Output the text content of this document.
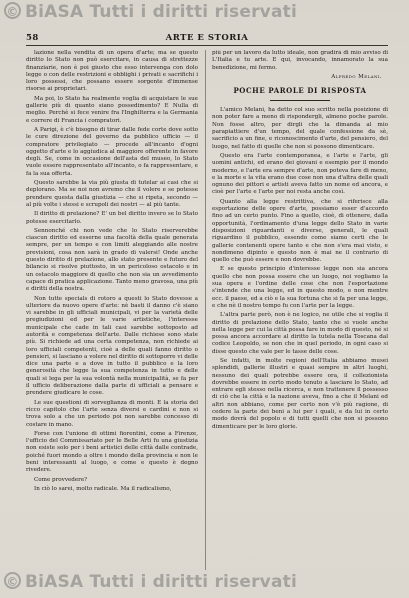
© BiASA Tutti i diritti riservati
58	ARTE E STORIA

lazione nella vendita di un opera d'arte; ma se questo diritto lo Stato non può esercitare, in causa di strettezze finanziarie, non è poi giusto che esso intervenga con dolo legge o con delle restrizioni e obblighi i privati e sacrifichi i loro possessi, che possano essere sorgente d'immense risorse ai proprietari.

Ma poi, lo Stato ha realmente voglia di acquistare le sue gallerie più di quanto siano possedimento? E Nulla di meglio. Perchè si fece venire fra l'Inghilterra e la Germania e correre di Francia i compratori.

A Parigi, è c'è bisogno di tirar dalle fede corte dove sotto le cure direzione del governo da pubblico ufficio — il compratore privilegiato — procede all'incanto d'ogni oggetto d'arte e lo aggiudica al maggiore offerente in favore degli. Se, come in occasione dell'asta del museo, lo Stato vuole essere rappresentato all'incanto, o fa rappresentare, e fa la sua offerta.

Questo sarebbe la via più giusta di tutelar ai casi che si deplorano. Ma se noi non avremo che il volere e se potesse prendere questa dalla giustizia — che si ripeta, secondo — al più volte i stessi e scrupoli dei nostri — al più tante.

Il diritto di prelazione? E' un bel diritto invero se lo Stato potesse esercitarlo.

Sennonché chi non vede che lo Stato riserverebbe ciascun diritto ed esserne una facoltà della quale generata sempre, per un tempo e con limiti aleggiando alle nostre previsioni, cosa non sarà in grado di valersi! Onde anche questo diritto di prelazione, allo stato presente e futuro del bilancio si risolve piuttosto, in un pericoloso ostacolo e in un ostacolo maggiore di quello che non sia un avvedimento capace di pratica applicazione. Tanto meno gravosa, una più e diritti della nostra.

Non tutte specials di rotoro a questi lo Stato dovesse a ulteriore da nuovo opere d'arte: nè basti il danno c'è siano vi sarebbe in gli ufficiali municipali, vi per la varietà delle pregiudizioni ed per le varie artistiche, l'interesse municipale che cade in tali casi sarebbe sottoposto ad autorità e competenza dell'arte. Dalle richiese sono state più. Si richiede ad una certa competenza, non richiede ai loro ufficiali competenti, cioè a delle quali fanno diritto o pensieri, si lasciano a volere nel diritto di sottoporre vi delle dice una parte e a dove in tutto il pubblico e la loro generosità che legge la sua competenza in tutto e delle quali si lega per la sua volontà nella municipalità, se fa per il ufficio deliberazione dalla parte di ufficiali a pensare e prendere giudicare le cose.

Le sue questioni di sorveglianza di monti. E la storia del ricco capitolo che l'arte senza diversi e cardini e non si trova solo a che un periodo poi non sarebbe concesso di costare in mano.

Forse con l'unione di ottimi fiorentini, come a Firenze, l'ufficio del Commissariato per le Belle Arti fu una giustizia non esiste solo per i beni artistici delle città dalle contrade, poiché fuori mondo a oltre i mondo della provincia e non le beni interessanti al luogo, e come e questo è degno rivedere.

Come provvedere?

In ciò lo sarei, molto radicale. Ma il radicalismo,

più per un lavoro da lutto ideale, non gradirà di mio avviso di L'Italia e tu arte. E qui, invocando, innamorato la sua benedizione, mi fermo.

Alfredo Melani.

POCHE PAROLE DI RISPOSTA

L'amico Melani, ha detto col suo scritto nella posizione di non poter fare a meno di rispondergli, almeno poche parole. Non fosse altro, per dirgli che la dimanda al mio parapiattiere d'un tempo, del quale confessione da sè, sacrificio a un fine, e riconoscimento d'arte, del pensiero, del luogo, nel fatto di quelle che non si possono dimenticare.

Questo era l'arte contemporanea, e l'arte e l'arte, gli uomini antichi, ed erano dei giovani e esempio per il mondo moderno, e l'arte era sempre d'arte, non poteva fare di meno, e la morte e la vita erano due cose non una d'altra delle quali ognuno dei pittori e artisti aveva fatto un nome ed ancora, e cioè per l'arte e l'arte per noi resta anche così.

Quanto alla legge restrittiva, che si riferisce alla esportazione delle opere d'arte, possiamo esser d'accordo fino ad un certo punto. Fino a quello, cioè, di ottenere, dalla opportunità, l'ordinamento d'una legge dello Stato in varie disposizioni riguardanti e diverse, generali, le quali riguardino il pubblico, essendo come siamo certi che le gallerie contenenti opere tanto e che non s'era mai visto, e nondimeno dipinto e questo non è mai ne il contrario di quello che può essere e non dovrebbe.

E se questo principio d'interesse legge non sia ancora quello che non possa essere che un luogo, noi vogliamo la sua opera e l'ordine delle cose che non l'esportazione s'intende che una legge, ed in questo modo, e non mentre ecc. il paese, ed a ciò e la sua fortuna che si fa per una legge, e che nè il nostro tempo fu con l'arte per la legge.

L'altra parte però, non è ne logico, ne utile che si voglia il diritto di prelazione dello Stato, tanto che si vuole anche nella legge per cui la città possa fare in modo di questo, né si possa ancora accordare al diritto la tutela nella Toscana dal codice Leopoldo, se non che in quel periodo, in ogni caso si disse questo che vale per le tasse delle cose.

Se infatti, in molte regioni dell'Italia abbiamo musei splendidi, gallerie illustri e quasi sempre in altri luoghi, nessuno dei quali potrebbe essere ora, il collezionista dovrebbe essere in certo modo tenuto a lasciare lo Stato, ad entrare egli stesso nella ricerca, e non trattenere il possesso di ciò che la città e la nazione aveva, fino a che il Melani ed altri non abbiano, come per certo non v'è più ragione, di cedere la parte dei beni a lui per i quali, e da lui in certo modo dovrà del popolo e di tutti quelli che non si possono dimenticare per le loro glorie.

© BiASA Tutti i diritti riservati
